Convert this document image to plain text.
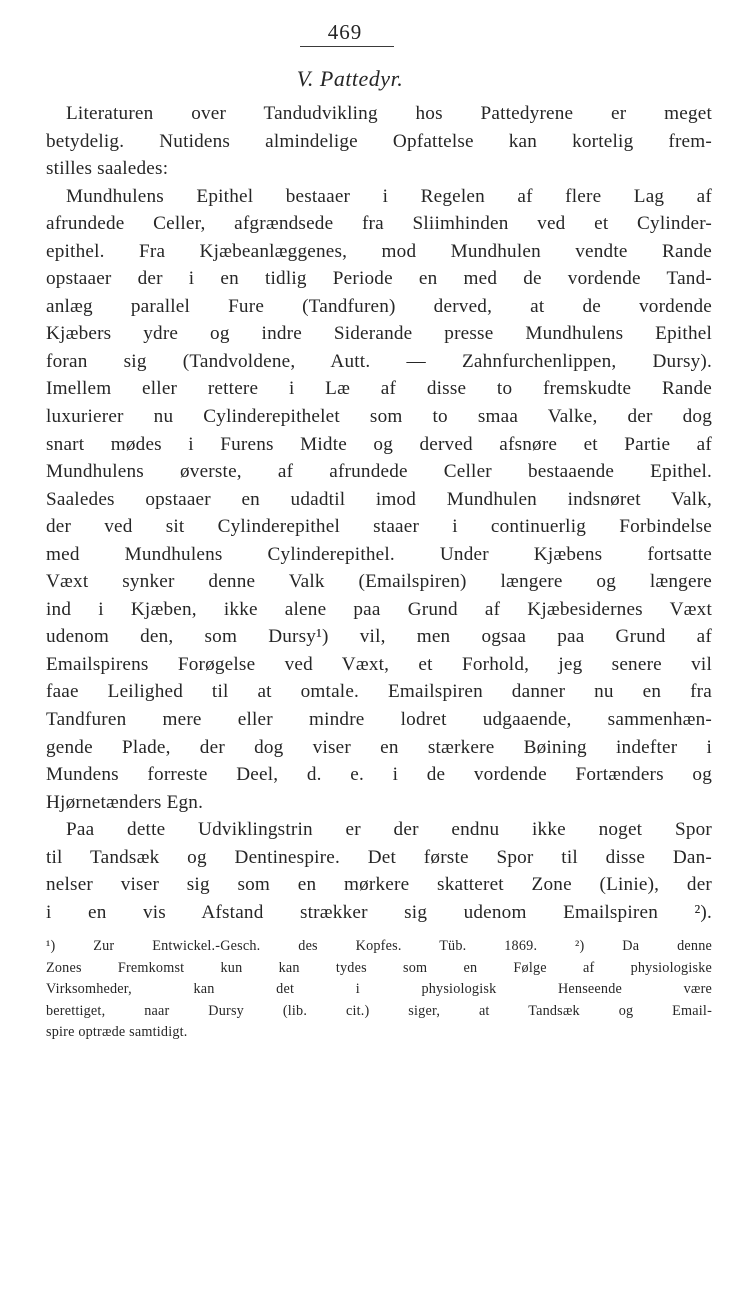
469
V. Pattedyr.
Literaturen over Tandudvikling hos Pattedyrene er meget
betydelig. Nutidens almindelige Opfattelse kan kortelig frem-
stilles saaledes:
Mundhulens Epithel bestaaer i Regelen af flere Lag af
afrundede Celler, afgrændsede fra Sliimhinden ved et Cylinder-
epithel. Fra Kjæbeanlæggenes, mod Mundhulen vendte Rande
opstaaer der i en tidlig Periode en med de vordende Tand-
anlæg parallel Fure (Tandfuren) derved, at de vordende
Kjæbers ydre og indre Siderande presse Mundhulens Epithel
foran sig (Tandvoldene, Autt. — Zahnfurchenlippen, Dursy).
Imellem eller rettere i Læ af disse to fremskudte Rande
luxurierer nu Cylinderepithelet som to smaa Valke, der dog
snart mødes i Furens Midte og derved afsnøre et Partie af
Mundhulens øverste, af afrundede Celler bestaaende Epithel.
Saaledes opstaaer en udadtil imod Mundhulen indsnøret Valk,
der ved sit Cylinderepithel staaer i continuerlig Forbindelse
med Mundhulens Cylinderepithel. Under Kjæbens fortsatte
Væxt synker denne Valk (Emailspiren) længere og længere
ind i Kjæben, ikke alene paa Grund af Kjæbesidernes Væxt
udenom den, som Dursy¹) vil, men ogsaa paa Grund af
Emailspirens Forøgelse ved Væxt, et Forhold, jeg senere vil
faae Leilighed til at omtale. Emailspiren danner nu en fra
Tandfuren mere eller mindre lodret udgaaende, sammenhæn-
gende Plade, der dog viser en stærkere Bøining indefter i
Mundens forreste Deel, d. e. i de vordende Fortænders og
Hjørnetænders Egn.
Paa dette Udviklingstrin er der endnu ikke noget Spor
til Tandsæk og Dentinespire. Det første Spor til disse Dan-
nelser viser sig som en mørkere skatteret Zone (Linie), der
i en vis Afstand strækker sig udenom Emailspiren ²).
¹) Zur Entwickel.-Gesch. des Kopfes. Tüb. 1869. ²) Da denne
Zones Fremkomst kun kan tydes som en Følge af physiologiske
Virksomheder, kan det i physiologisk Henseende være
berettiget, naar Dursy (lib. cit.) siger, at Tandsæk og Email-
spire optræde samtidigt.
